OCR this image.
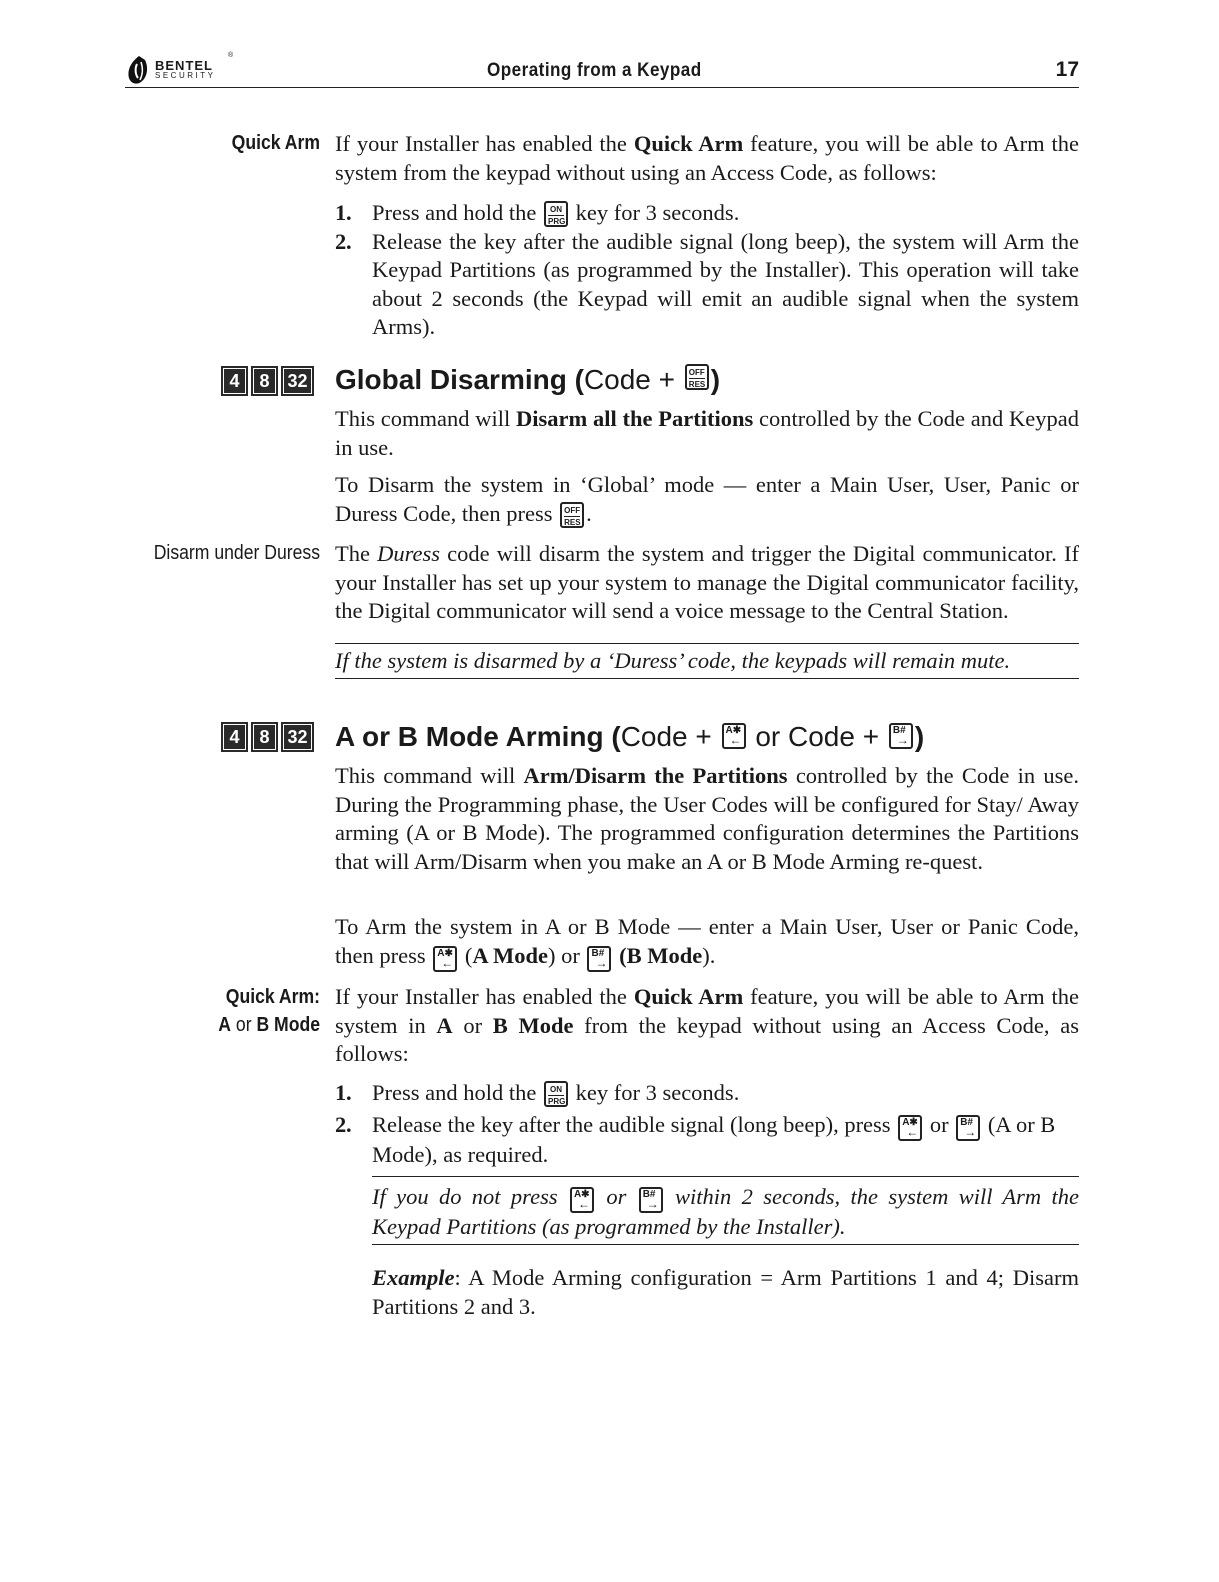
BENTEL
SECURITY
®
Operating from a Keypad	17
Quick Arm If your Installer has enabled the Quick Arm feature, you will be able to Arm the system from the keypad without using an Access Code, as follows:
1 . Press and hold the	ON
PRG key for 3 seconds.
2 . Release the key after the audible signal (long beep), the system will Arm the Keypad Partitions (as programmed by the Installer). This operation will take about 2 seconds (the Keypad will emit an audible signal when the system Arms).
4	8 32 Global Disarming (Code + OFF
RES )
This command will Disarm all the Partitions controlled by the Code and Keypad in use.
To Disarm the system in ‘Global’ mode — enter a Main User, User, Panic or Duress Code, then press OFF
RES .
Disarm under Duress The Duress code will disarm the system and trigger the Digital communicator. If your Installer has set up your system to manage the Digital communicator facility, the Digital communicator will send a voice message to the Central Station.
If the system is disarmed by a ‘Duress’ code, the keypads will remain mute.
4	8 32 A or B Mode Arming (Code + A✱
← or Code + B#
→ )
This command will Arm/Disarm the Partitions controlled by the Code in use. During the Programming phase, the User Codes will be configured for Stay/ Away arming (A or B Mode). The programmed configuration determines the Partitions that will Arm/Disarm when you make an A or B Mode Arming re-quest.
To Arm the system in A or B Mode — enter a Main User, User or Panic Code, then press A✱
← (A Mode) or B#
→ (B Mode).
Quick Arm:
A or B Mode
If your Installer has enabled the Quick Arm feature, you will be able to Arm the system in A or B Mode from the keypad without using an Access Code, as follows:
1 . Press and hold the	ON
PRG key for 3 seconds.
2 . Release the key after the audible signal (long beep), press A✱
← or B#
→ (A or B Mode), as required.
If you do not press A✱
← or B#
→ within 2 seconds, the system will Arm the Keypad Partitions (as programmed by the Installer).
Example: A Mode Arming configuration = Arm Partitions 1 and 4; Disarm Partitions 2 and 3.
